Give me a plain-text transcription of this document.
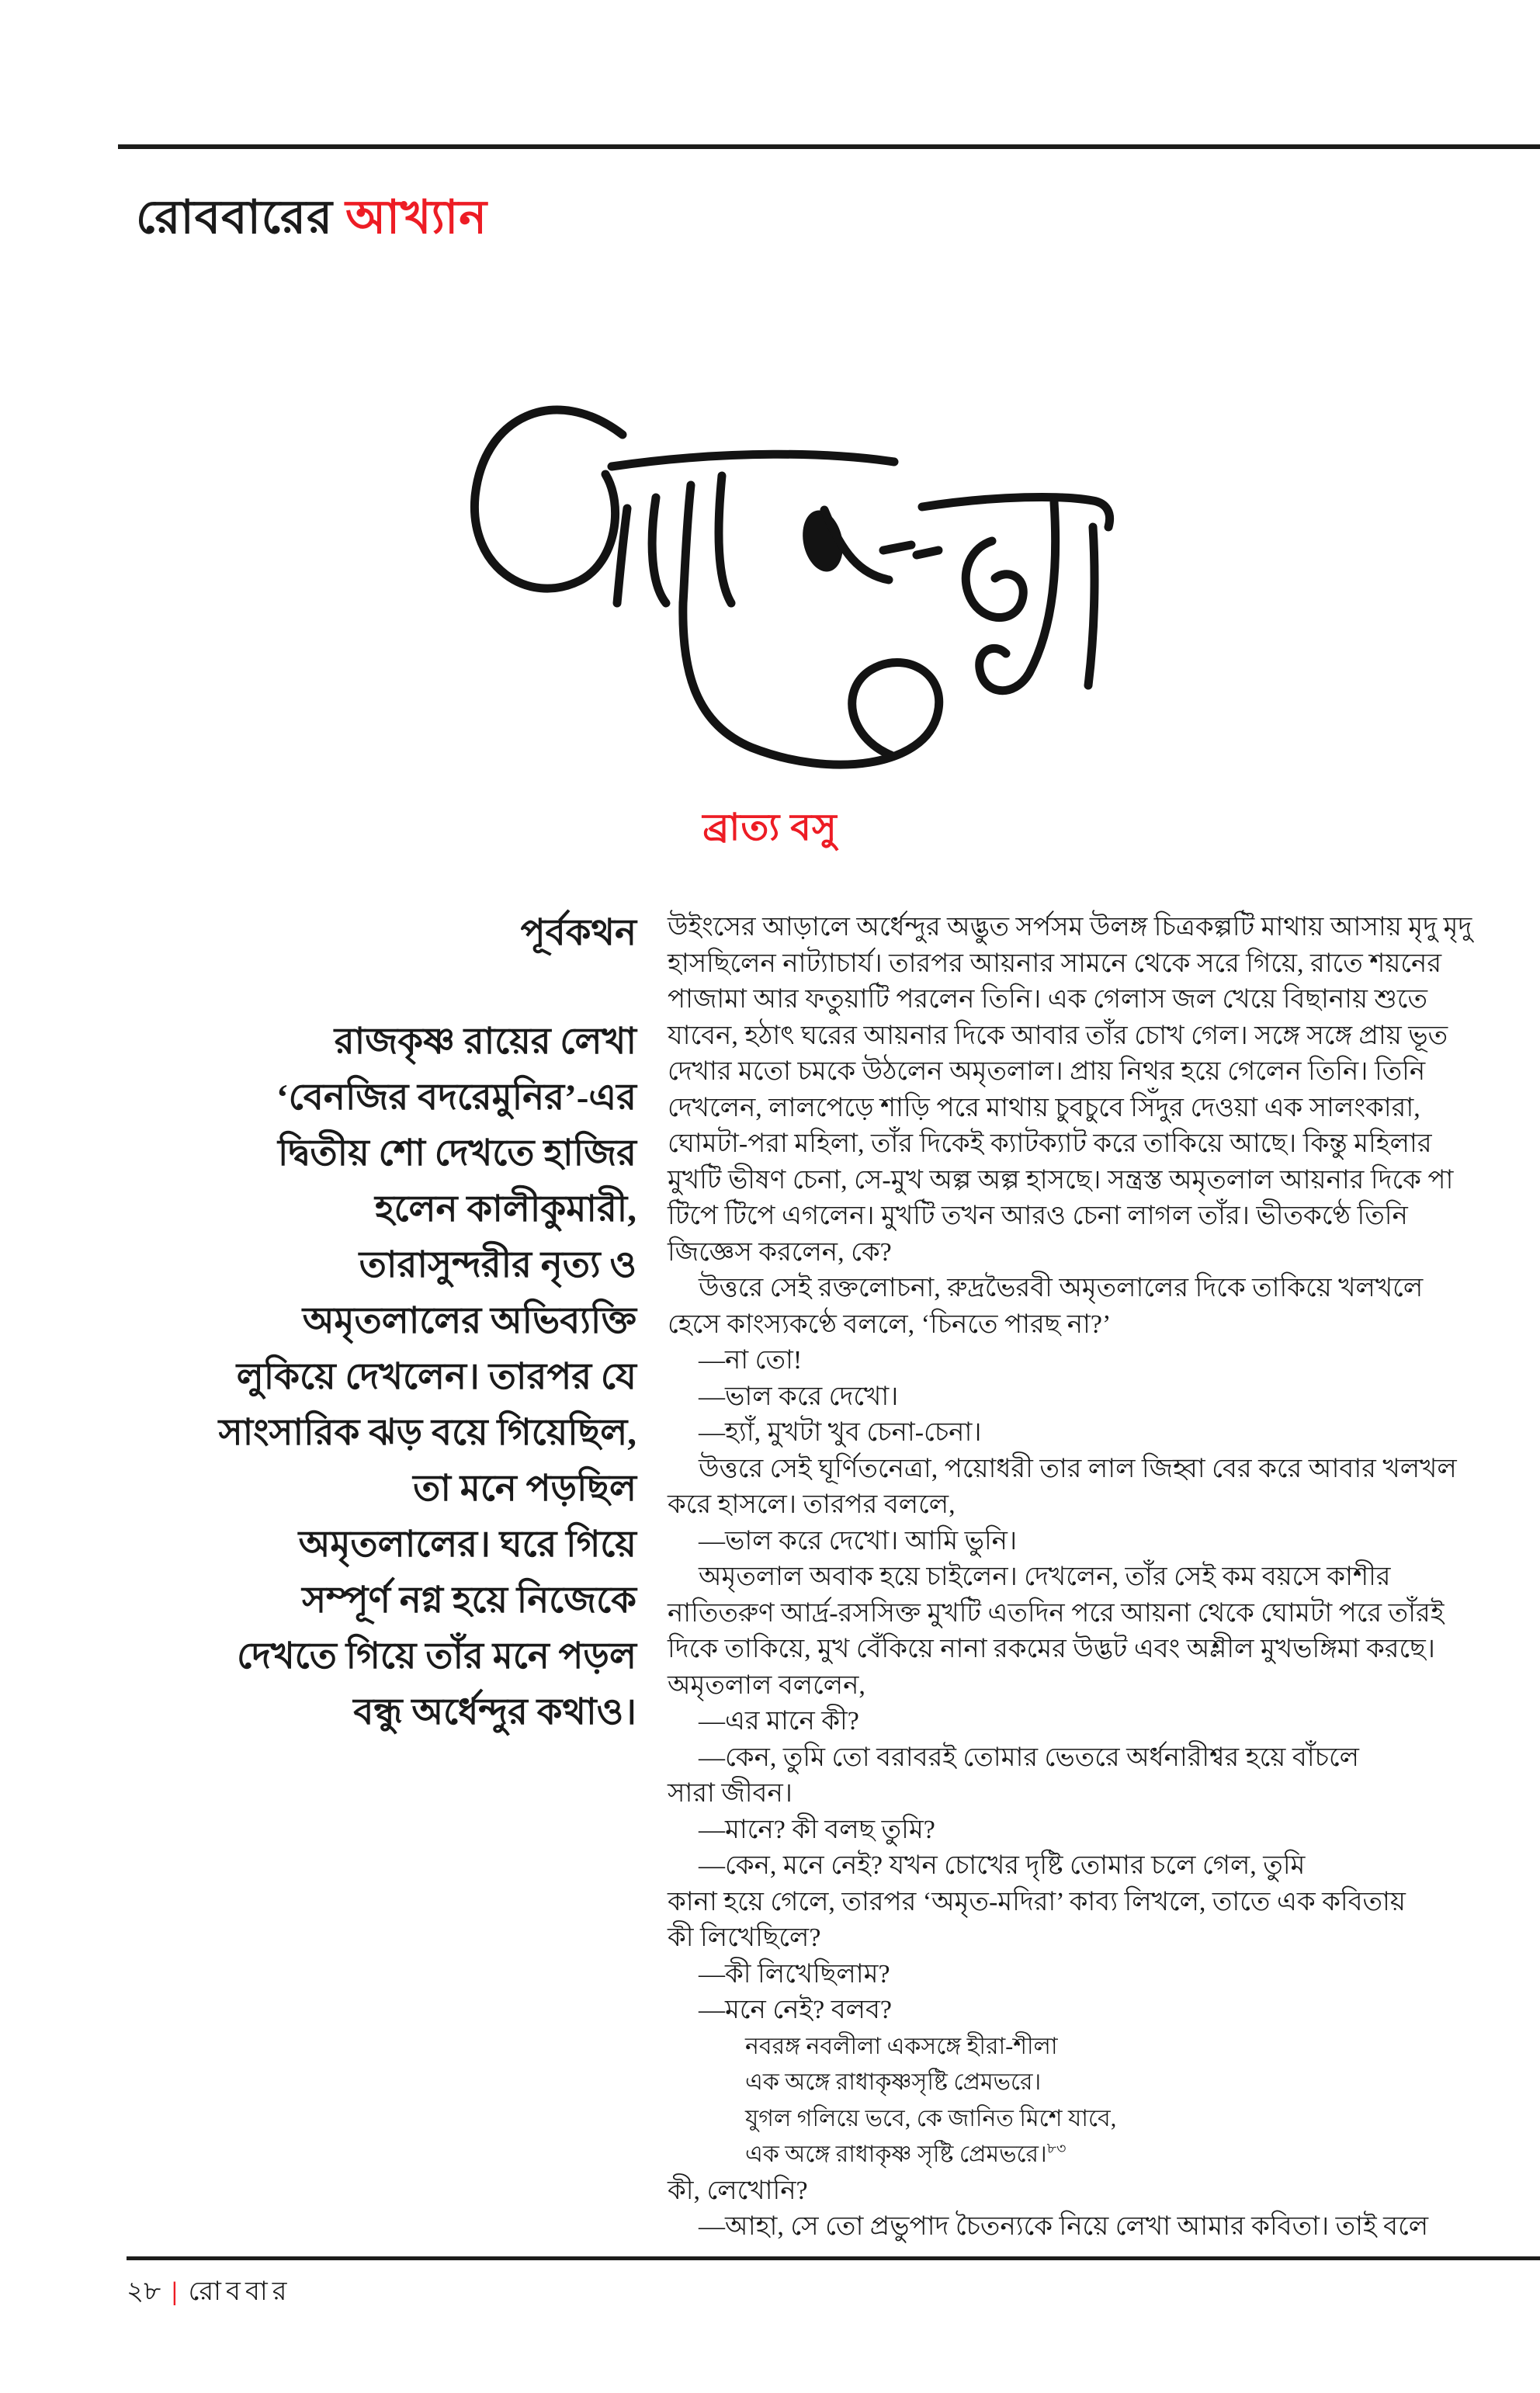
রোববারের আখ্যান
ব্রাত্য বসু
পূর্বকথন
রাজকৃষ্ণ রায়ের লেখা
‘বেনজির বদরেমুনির’-এর
দ্বিতীয় শো দেখতে হাজির
হলেন কালীকুমারী,
তারাসুন্দরীর নৃত্য ও
অমৃতলালের অভিব্যক্তি
লুকিয়ে দেখলেন। তারপর যে
সাংসারিক ঝড় বয়ে গিয়েছিল,
তা মনে পড়ছিল
অমৃতলালের। ঘরে গিয়ে
সম্পূর্ণ নগ্ন হয়ে নিজেকে
দেখতে গিয়ে তাঁর মনে পড়ল
বন্ধু অর্ধেন্দুর কথাও।
উইংসের আড়ালে অর্ধেন্দুর অদ্ভুত সর্পসম উলঙ্গ চিত্রকল্পটি মাথায় আসায় মৃদু মৃদু
হাসছিলেন নাট্যাচার্য। তারপর আয়নার সামনে থেকে সরে গিয়ে, রাতে শয়নের
পাজামা আর ফতুয়াটি পরলেন তিনি। এক গেলাস জল খেয়ে বিছানায় শুতে
যাবেন, হঠাৎ ঘরের আয়নার দিকে আবার তাঁর চোখ গেল। সঙ্গে সঙ্গে প্রায় ভূত
দেখার মতো চমকে উঠলেন অমৃতলাল। প্রায় নিথর হয়ে গেলেন তিনি। তিনি
দেখলেন, লালপেড়ে শাড়ি পরে মাথায় চুবচুবে সিঁদুর দেওয়া এক সালংকারা,
ঘোমটা-পরা মহিলা, তাঁর দিকেই ক্যাটক্যাট করে তাকিয়ে আছে। কিন্তু মহিলার
মুখটি ভীষণ চেনা, সে-মুখ অল্প অল্প হাসছে। সন্ত্রস্ত অমৃতলাল আয়নার দিকে পা
টিপে টিপে এগলেন। মুখটি তখন আরও চেনা লাগল তাঁর। ভীতকণ্ঠে তিনি
জিজ্ঞেস করলেন, কে?
উত্তরে সেই রক্তলোচনা, রুদ্রভৈরবী অমৃতলালের দিকে তাকিয়ে খলখলে
হেসে কাংস্যকণ্ঠে বললে, ‘চিনতে পারছ না?’
—না তো!
—ভাল করে দেখো।
—হ্যাঁ, মুখটা খুব চেনা-চেনা।
উত্তরে সেই ঘূর্ণিতনেত্রা, পয়োধরী তার লাল জিহ্বা বের করে আবার খলখল
করে হাসলে। তারপর বললে,
—ভাল করে দেখো। আমি ভুনি।
অমৃতলাল অবাক হয়ে চাইলেন। দেখলেন, তাঁর সেই কম বয়সে কাশীর
নাতিতরুণ আর্দ্র-রসসিক্ত মুখটি এতদিন পরে আয়না থেকে ঘোমটা পরে তাঁরই
দিকে তাকিয়ে, মুখ বেঁকিয়ে নানা রকমের উদ্ভট এবং অশ্লীল মুখভঙ্গিমা করছে।
অমৃতলাল বললেন,
—এর মানে কী?
—কেন, তুমি তো বরাবরই তোমার ভেতরে অর্ধনারীশ্বর হয়ে বাঁচলে
সারা জীবন।
—মানে? কী বলছ তুমি?
—কেন, মনে নেই? যখন চোখের দৃষ্টি তোমার চলে গেল, তুমি
কানা হয়ে গেলে, তারপর ‘অমৃত-মদিরা’ কাব্য লিখলে, তাতে এক কবিতায়
কী লিখেছিলে?
—কী লিখেছিলাম?
—মনে নেই? বলব?
নবরঙ্গ নবলীলা একসঙ্গে হীরা-শীলা
এক অঙ্গে রাধাকৃষ্ণসৃষ্টি প্রেমভরে।
যুগল গলিয়ে ভবে, কে জানিত মিশে যাবে,
এক অঙ্গে রাধাকৃষ্ণ সৃষ্টি প্রেমভরে।$^{৮৩}$
কী, লেখোনি?
—আহা, সে তো প্রভুপাদ চৈতন্যকে নিয়ে লেখা আমার কবিতা। তাই বলে
২৮ | রোববার
